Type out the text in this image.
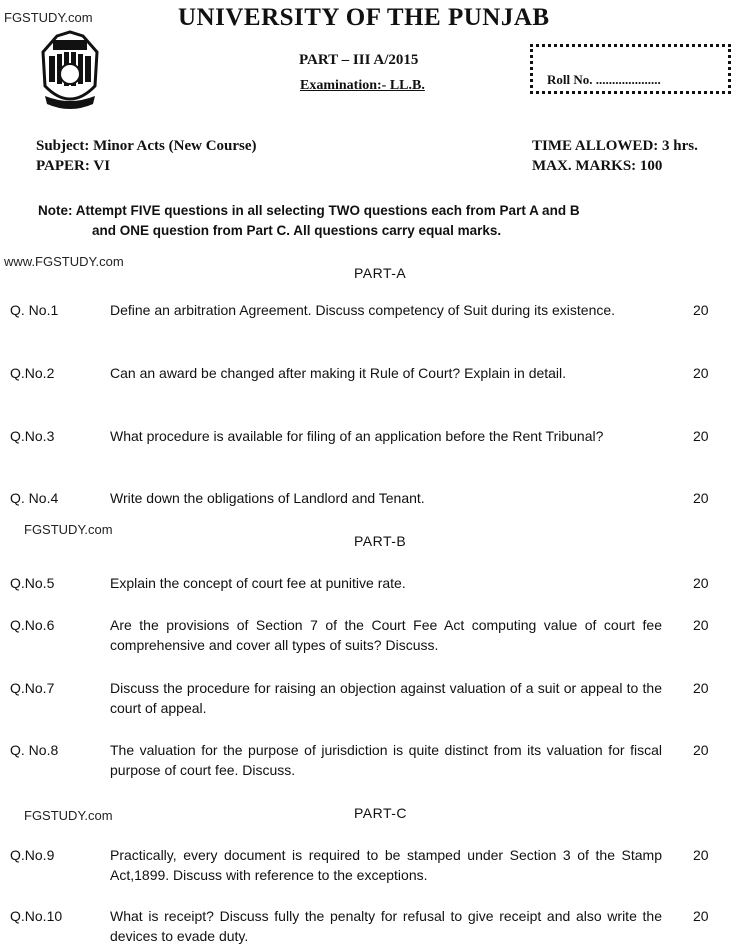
FGSTUDY.com
www.FGSTUDY.com
FGSTUDY.com
FGSTUDY.com
UNIVERSITY OF THE PUNJAB
PART – III A/2015
Examination:- LL.B.	Roll No. ....................
Subject: Minor Acts (New Course)
PAPER: VI
TIME ALLOWED: 3 hrs.
MAX. MARKS: 100
Note: Attempt FIVE questions in all selecting TWO questions each from Part A and B
and ONE question from Part C. All questions carry equal marks.
PART-A
Q. No.1	Define an arbitration Agreement. Discuss competency of Suit during its existence.	20
Q.No.2	Can an award be changed after making it Rule of Court? Explain in detail.	20
Q.No.3	What procedure is available for filing of an application before the Rent Tribunal?	20
Q. No.4	Write down the obligations of Landlord and Tenant.	20
PART-B
Q.No.5	Explain the concept of court fee at punitive rate.	20
Q.No.6	Are the provisions of Section 7 of the Court Fee Act computing value of court fee comprehensive and cover all types of suits? Discuss.
20
Q.No.7	Discuss the procedure for raising an objection against valuation of a suit or appeal to the court of appeal.
20
Q. No.8	The valuation for the purpose of jurisdiction is quite distinct from its valuation for fiscal purpose of court fee. Discuss.
20
PART-C
Q.No.9	Practically, every document is required to be stamped under Section 3 of the Stamp Act,1899. Discuss with reference to the exceptions.
20
Q.No.10	What is receipt? Discuss fully the penalty for refusal to give receipt and also write the devices to evade duty.
20
